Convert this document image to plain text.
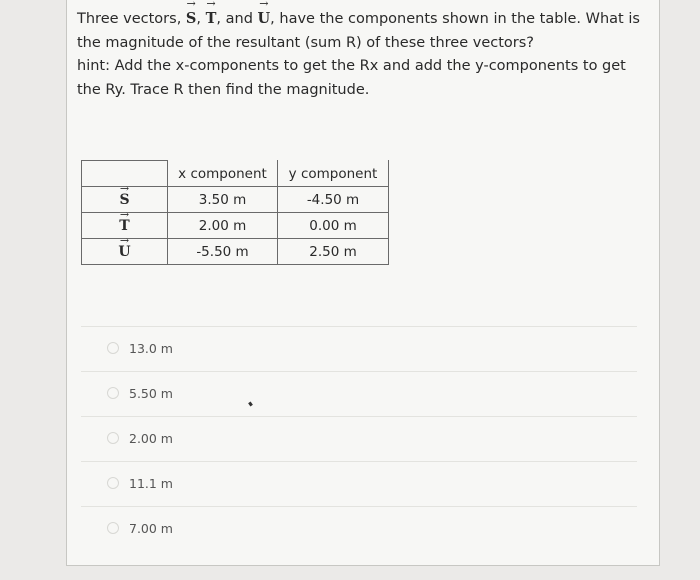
Three vectors,
→
S,
→
T, and
→
U, have the components shown in the table. What is the magnitude of the resultant (sum R) of these three vectors?

hint: Add the x-components to get the Rx and add the y-components to get the Ry. Trace R then find the magnitude.

	x component	y component

→
S	3.50 m	-4.50 m

→
T	2.00 m	0.00 m

→
U	-5.50 m	2.50 m
13.0 m
5.50 m
2.00 m
11.1 m
7.00 m
